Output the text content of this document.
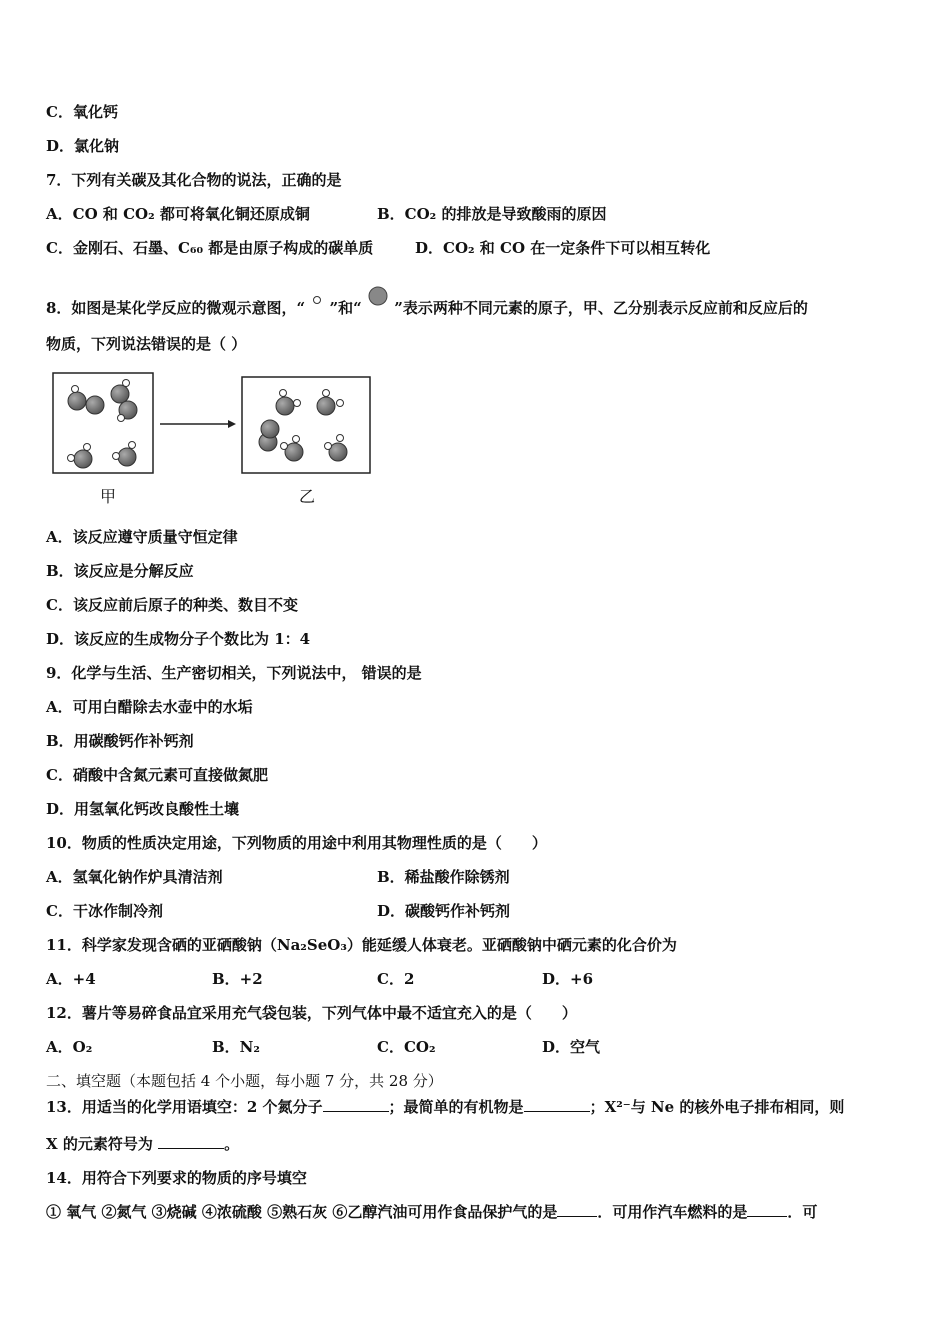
C．氧化钙
D．氯化钠
7．下列有关碳及其化合物的说法，正确的是
A．CO 和 CO₂ 都可将氧化铜还原成铜	B．CO₂ 的排放是导致酸雨的原因
C．金刚石、石墨、C₆₀ 都是由原子构成的碳单质	D．CO₂ 和 CO 在一定条件下可以相互转化
8．如图是某化学反应的微观示意图，“ ”和“ ”表示两种不同元素的原子，甲、乙分别表示反应前和反应后的
物质，下列说法错误的是（ ）
甲	乙
A．该反应遵守质量守恒定律
B．该反应是分解反应
C．该反应前后原子的种类、数目不变
D．该反应的生成物分子个数比为 1：4
9．化学与生活、生产密切相关，下列说法中， 错误的是
A．可用白醋除去水壶中的水垢
B．用碳酸钙作补钙剂
C．硝酸中含氮元素可直接做氮肥
D．用氢氧化钙改良酸性土壤
10．物质的性质决定用途，下列物质的用途中利用其物理性质的是（　　）
A．氢氧化钠作炉具清洁剂	B．稀盐酸作除锈剂
C．干冰作制冷剂	D．碳酸钙作补钙剂
11．科学家发现含硒的亚硒酸钠（Na₂SeO₃）能延缓人体衰老。亚硒酸钠中硒元素的化合价为
A．+4	B．+2	C．2	D．+6
12．薯片等易碎食品宜采用充气袋包装，下列气体中最不适宜充入的是（　　）
A．O₂	B．N₂	C．CO₂	D．空气
二、填空题（本题包括 4 个小题，每小题 7 分，共 28 分）
13．用适当的化学用语填空：2 个氮分子	；最简单的有机物是	；X²⁻与 Ne 的核外电子排布相同，则
X 的元素符号为	。
14．用符合下列要求的物质的序号填空
① 氧气 ②氮气 ③烧碱 ④浓硫酸 ⑤熟石灰 ⑥乙醇汽油可用作食品保护气的是	．可用作汽车燃料的是	．可
